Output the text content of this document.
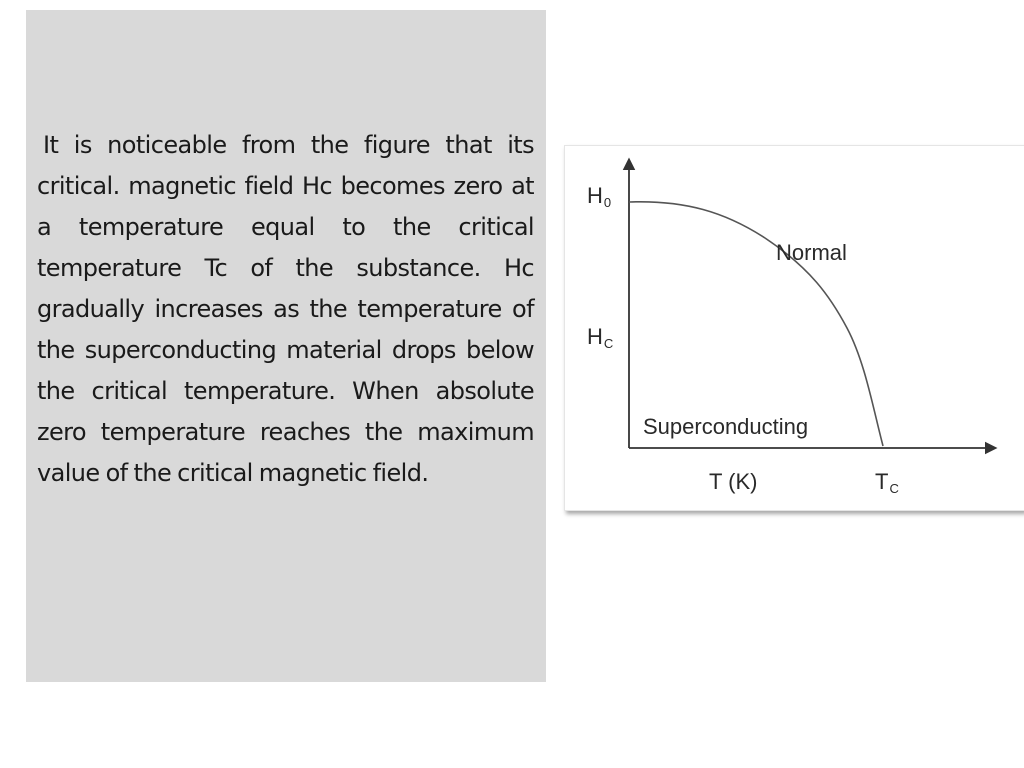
It is noticeable from the figure that its critical. magnetic field Hc becomes zero at a temperature equal to the critical temperature Tc of the substance. Hc gradually increases as the temperature of the superconducting material drops below the critical temperature. When absolute zero temperature reaches the maximum value of the critical magnetic field.

H0
HC
Normal
Superconducting
T (K)	TC
